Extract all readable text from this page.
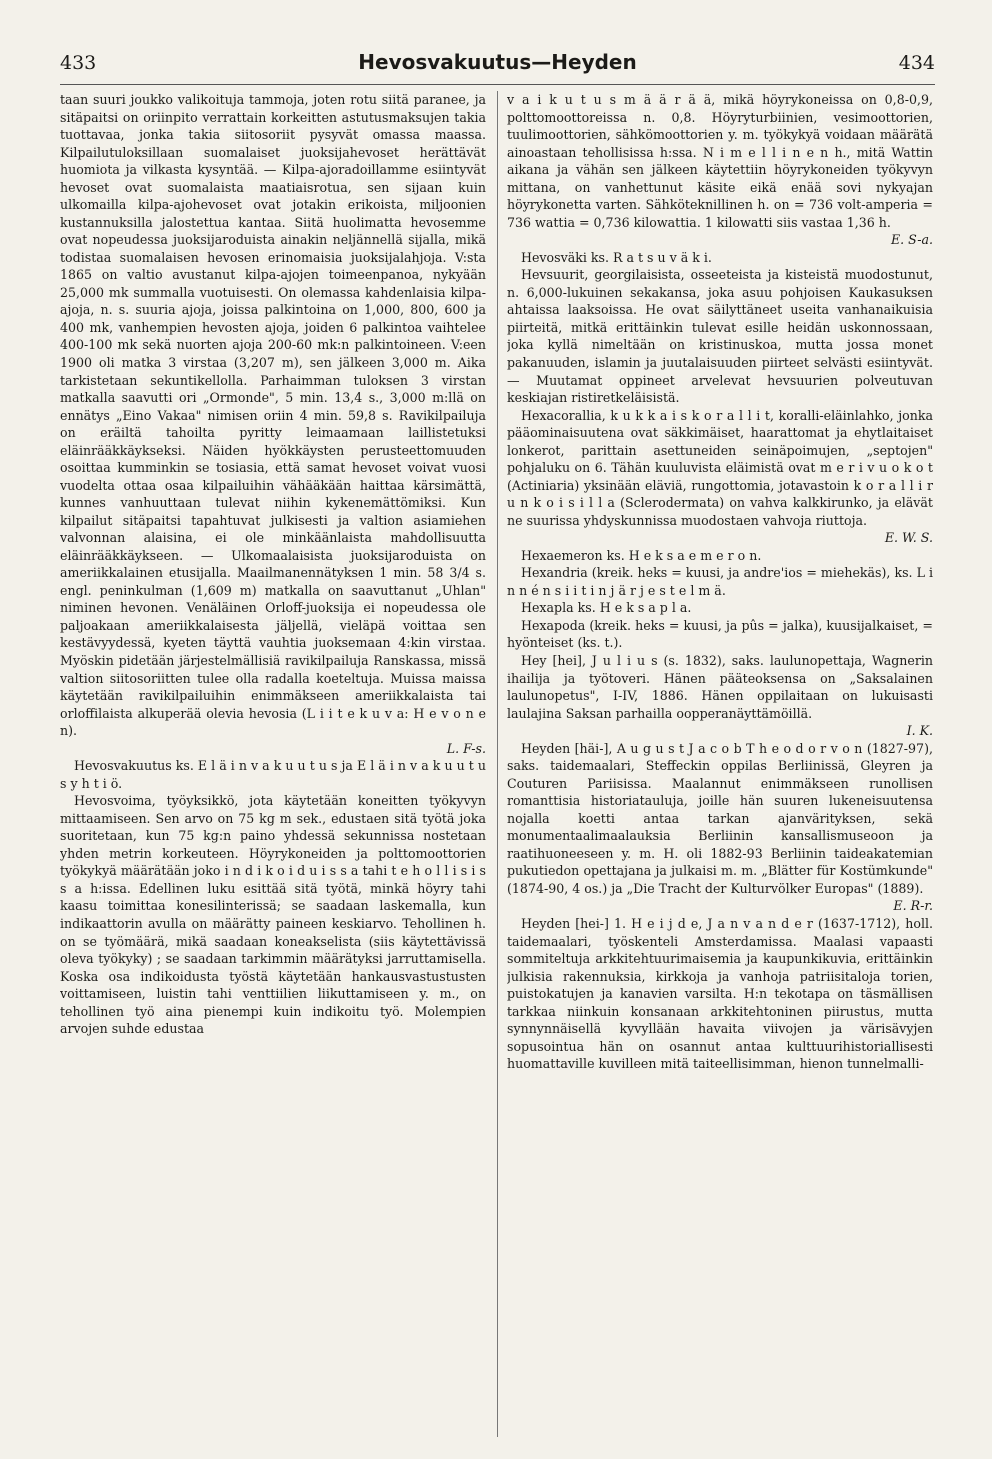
433	Hevosvakuutus—Heyden	434

taan suuri joukko valikoituja tammoja, joten rotu siitä paranee, ja sitäpaitsi on oriinpito verrattain korkeitten astutusmaksujen takia tuottavaa, jonka takia siitosoriit pysyvät omassa maassa. Kilpailutuloksillaan suomalaiset juoksijahevoset herättävät huomiota ja vilkasta kysyntää. — Kilpa-ajoradoillamme esiintyvät hevoset ovat suomalaista maatiaisrotua, sen sijaan kuin ulkomailla kilpa-ajohevoset ovat jotakin erikoista, miljoonien kustannuksilla jalostettua kantaa. Siitä huolimatta hevosemme ovat nopeudessa juoksijaroduista ainakin neljännellä sijalla, mikä todistaa suomalaisen hevosen erinomaisia juoksijalahjoja. V:sta 1865 on valtio avustanut kilpa-ajojen toimeenpanoa, nykyään 25,000 mk summalla vuotuisesti. On olemassa kahdenlaisia kilpa-ajoja, n. s. suuria ajoja, joissa palkintoina on 1,000, 800, 600 ja 400 mk, vanhempien hevosten ajoja, joiden 6 palkintoa vaihtelee 400-100 mk sekä nuorten ajoja 200-60 mk:n palkintoineen. V:een 1900 oli matka 3 virstaa (3,207 m), sen jälkeen 3,000 m. Aika tarkistetaan sekuntikellolla. Parhaimman tuloksen 3 virstan matkalla saavutti ori „Ormonde", 5 min. 13,4 s., 3,000 m:llä on ennätys „Eino Vakaa" nimisen oriin 4 min. 59,8 s. Ravikilpailuja on eräiltä tahoilta pyritty leimaamaan laillistetuksi eläinrääkkäykseksi. Näiden hyökkäysten perusteettomuuden osoittaa kumminkin se tosiasia, että samat hevoset voivat vuosi vuodelta ottaa osaa kilpailuihin vähääkään haittaa kärsimättä, kunnes vanhuuttaan tulevat niihin kykenemättömiksi. Kun kilpailut sitäpaitsi tapahtuvat julkisesti ja valtion asiamiehen valvonnan alaisina, ei ole minkäänlaista mahdollisuutta eläinrääkkäykseen. — Ulkomaalaisista juoksijaroduista on ameriikkalainen etusijalla. Maailmanennätyksen 1 min. 58 3/4 s. engl. peninkulman (1,609 m) matkalla on saavuttanut „Uhlan" niminen hevonen. Venäläinen Orloff-juoksija ei nopeudessa ole paljoakaan ameriikkalaisesta jäljellä, vieläpä voittaa sen kestävyydessä, kyeten täyttä vauhtia juoksemaan 4:kin virstaa. Myöskin pidetään järjestelmällisiä ravikilpailuja Ranskassa, missä valtion siitosoriitten tulee olla radalla koeteltuja. Muissa maissa käytetään ravikilpailuihin enimmäkseen ameriikkalaista tai orloffilaista alkuperää olevia hevosia (L i i t e k u v a: H e v o n e n).

L. F-s.

Hevosvakuutus ks. E l ä i n v a k u u t u s ja E l ä i n v a k u u t u s y h t i ö.

Hevosvoima, työyksikkö, jota käytetään koneitten työkyvyn mittaamiseen. Sen arvo on 75 kg m sek., edustaen sitä työtä joka suoritetaan, kun 75 kg:n paino yhdessä sekunnissa nostetaan yhden metrin korkeuteen. Höyrykoneiden ja polttomoottorien työkykyä määrätään joko i n d i k o i d u i s s a tahi t e h o l l i s i s s a h:issa. Edellinen luku esittää sitä työtä, minkä höyry tahi kaasu toimittaa konesilinterissä; se saadaan laskemalla, kun indikaattorin avulla on määrätty paineen keskiarvo. Tehollinen h. on se työmäärä, mikä saadaan koneakselista (siis käytettävissä oleva työkyky) ; se saadaan tarkimmin määrätyksi jarruttamisella. Koska osa indikoidusta työstä käytetään hankausvastustusten voittamiseen, luistin tahi venttiilien liikuttamiseen y. m., on tehollinen työ aina pienempi kuin indikoitu työ. Molempien arvojen suhde edustaa

v a i k u t u s m ä ä r ä ä, mikä höyrykoneissa on 0,8-0,9, polttomoottoreissa n. 0,8. Höyryturbiinien, vesimoottorien, tuulimoottorien, sähkömoottorien y. m. työkykyä voidaan määrätä ainoastaan tehollisissa h:ssa. N i m e l l i n e n h., mitä Wattin aikana ja vähän sen jälkeen käytettiin höyrykoneiden työkyvyn mittana, on vanhettunut käsite eikä enää sovi nykyajan höyrykonetta varten. Sähköteknillinen h. on = 736 volt-amperia = 736 wattia = 0,736 kilowattia. 1 kilowatti siis vastaa 1,36 h.

E. S-a.

Hevosväki ks. R a t s u v ä k i.

Hevsuurit, georgilaisista, osseeteista ja kisteistä muodostunut, n. 6,000-lukuinen sekakansa, joka asuu pohjoisen Kaukasuksen ahtaissa laaksoissa. He ovat säilyttäneet useita vanhanaikuisia piirteitä, mitkä erittäinkin tulevat esille heidän uskonnossaan, joka kyllä nimeltään on kristinuskoa, mutta jossa monet pakanuuden, islamin ja juutalaisuuden piirteet selvästi esiintyvät. — Muutamat oppineet arvelevat hevsuurien polveutuvan keskiajan ristiretkeläisistä.

Hexacorallia, k u k k a i s k o r a l l i t, koralli-eläinlahko, jonka pääominaisuutena ovat säkkimäiset, haarattomat ja ehytlaitaiset lonkerot, parittain asettuneiden seinäpoimujen, „septojen" pohjaluku on 6. Tähän kuuluvista eläimistä ovat m e r i v u o k o t (Actiniaria) yksinään eläviä, rungottomia, jotavastoin k o r a l l i r u n k o i s i l l a (Sclerodermata) on vahva kalkkirunko, ja elävät ne suurissa yhdyskunnissa muodostaen vahvoja riuttoja.

E. W. S.

Hexaemeron ks. H e k s a e m e r o n.

Hexandria (kreik. heks = kuusi, ja andre'ios = miehekäs), ks. L i n n é n s i i t i n j ä r j e s t e l m ä.

Hexapla ks. H e k s a p l a.

Hexapoda (kreik. heks = kuusi, ja pûs = jalka), kuusijalkaiset, = hyönteiset (ks. t.).

Hey [hei], J u l i u s (s. 1832), saks. laulunopettaja, Wagnerin ihailija ja työtoveri. Hänen pääteoksensa on „Saksalainen laulunopetus", I-IV, 1886. Hänen oppilaitaan on lukuisasti laulajina Saksan parhailla oopperanäyttämöillä.

I. K.

Heyden [häi-], A u g u s t J a c o b T h e o d o r v o n (1827-97), saks. taidemaalari, Steffeckin oppilas Berliinissä, Gleyren ja Couturen Pariisissa. Maalannut enimmäkseen runollisen romanttisia historiatauluja, joille hän suuren lukeneisuutensa nojalla koetti antaa tarkan ajanvärityksen, sekä monumentaalimaalauksia Berliinin kansallismuseoon ja raatihuoneeseen y. m. H. oli 1882-93 Berliinin taideakatemian pukutiedon opettajana ja julkaisi m. m. „Blätter für Kostümkunde" (1874-90, 4 os.) ja „Die Tracht der Kulturvölker Europas" (1889).

E. R-r.

Heyden [hei-] 1. H e i j d e, J a n v a n d e r (1637-1712), holl. taidemaalari, työskenteli Amsterdamissa. Maalasi vapaasti sommiteltuja arkkitehtuurimaisemia ja kaupunkikuvia, erittäinkin julkisia rakennuksia, kirkkoja ja vanhoja patriisitaloja torien, puistokatujen ja kanavien varsilta. H:n tekotapa on täsmällisen tarkkaa niinkuin konsanaan arkkitehtoninen piirustus, mutta synnynnäisellä kyvyllään havaita viivojen ja värisävyjen sopusointua hän on osannut antaa kulttuurihistoriallisesti huomattaville kuvilleen mitä taiteellisimman, hienon tunnelmalli-
